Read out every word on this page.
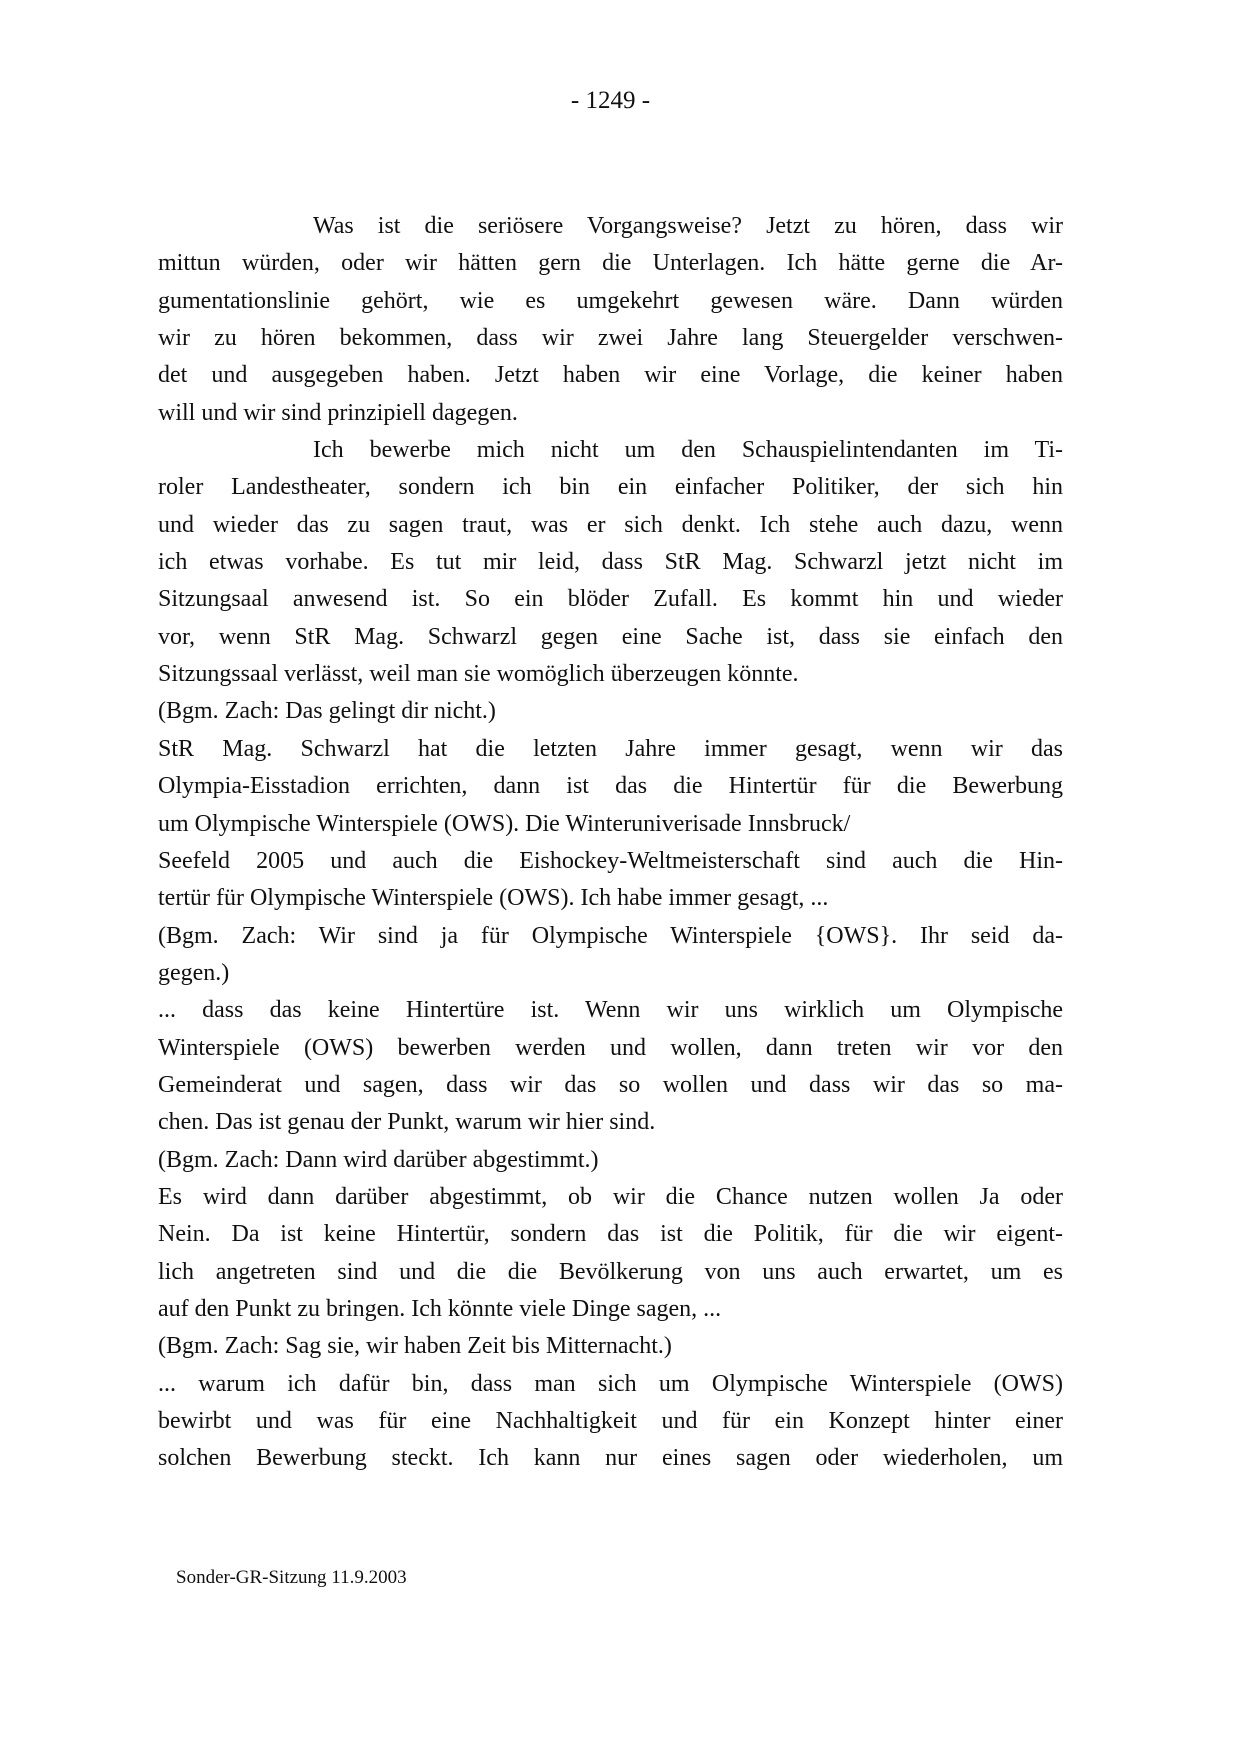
- 1249 -
Was ist die seriösere Vorgangsweise? Jetzt zu hören, dass wir
mittun würden, oder wir hätten gern die Unterlagen. Ich hätte gerne die Ar-
gumentationslinie gehört, wie es umgekehrt gewesen wäre. Dann würden
wir zu hören bekommen, dass wir zwei Jahre lang Steuergelder verschwen-
det und ausgegeben haben. Jetzt haben wir eine Vorlage, die keiner haben
will und wir sind prinzipiell dagegen.
Ich bewerbe mich nicht um den Schauspielintendanten im Ti-
roler Landestheater, sondern ich bin ein einfacher Politiker, der sich hin
und wieder das zu sagen traut, was er sich denkt. Ich stehe auch dazu, wenn
ich etwas vorhabe. Es tut mir leid, dass StR Mag. Schwarzl jetzt nicht im
Sitzungsaal anwesend ist. So ein blöder Zufall. Es kommt hin und wieder
vor, wenn StR Mag. Schwarzl gegen eine Sache ist, dass sie einfach den
Sitzungssaal verlässt, weil man sie womöglich überzeugen könnte.
(Bgm. Zach: Das gelingt dir nicht.)
StR Mag. Schwarzl hat die letzten Jahre immer gesagt, wenn wir das
Olympia-Eisstadion errichten, dann ist das die Hintertür für die Bewerbung
um Olympische Winterspiele (OWS). Die Winteruniverisade Innsbruck/
Seefeld 2005 und auch die Eishockey-Weltmeisterschaft sind auch die Hin-
tertür für Olympische Winterspiele (OWS). Ich habe immer gesagt, ...
(Bgm. Zach: Wir sind ja für Olympische Winterspiele {OWS}. Ihr seid da-
gegen.)
... dass das keine Hintertüre ist. Wenn wir uns wirklich um Olympische
Winterspiele (OWS) bewerben werden und wollen, dann treten wir vor den
Gemeinderat und sagen, dass wir das so wollen und dass wir das so ma-
chen. Das ist genau der Punkt, warum wir hier sind.
(Bgm. Zach: Dann wird darüber abgestimmt.)
Es wird dann darüber abgestimmt, ob wir die Chance nutzen wollen Ja oder
Nein. Da ist keine Hintertür, sondern das ist die Politik, für die wir eigent-
lich angetreten sind und die die Bevölkerung von uns auch erwartet, um es
auf den Punkt zu bringen. Ich könnte viele Dinge sagen, ...
(Bgm. Zach: Sag sie, wir haben Zeit bis Mitternacht.)
... warum ich dafür bin, dass man sich um Olympische Winterspiele (OWS)
bewirbt und was für eine Nachhaltigkeit und für ein Konzept hinter einer
solchen Bewerbung steckt. Ich kann nur eines sagen oder wiederholen, um
Sonder-GR-Sitzung 11.9.2003
